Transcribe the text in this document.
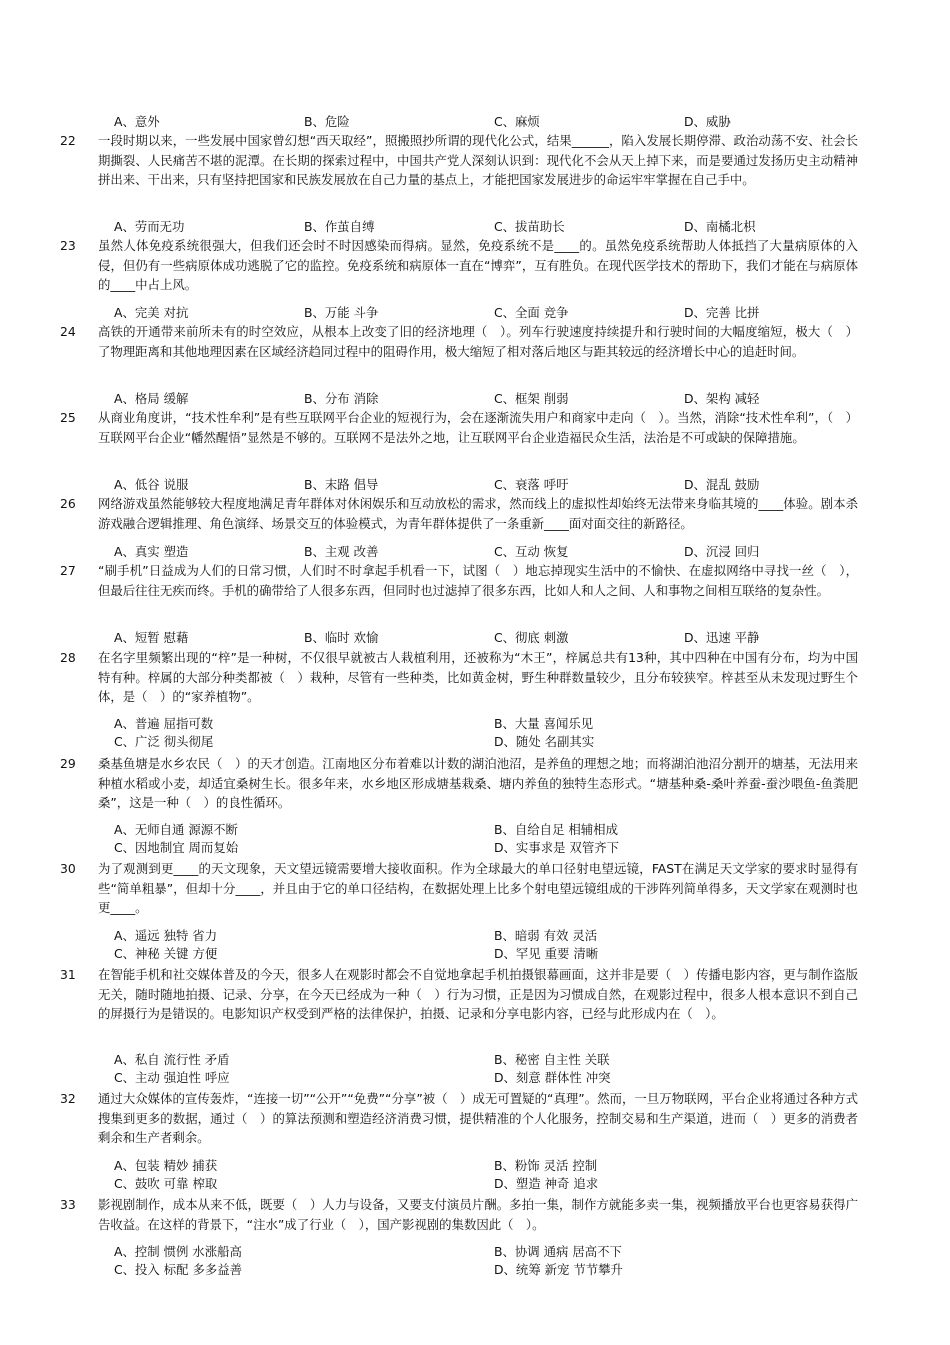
A、意外	B、危险	C、麻烦	D、威胁
22	一段时期以来，一些发展中国家曾幻想“西天取经”，照搬照抄所谓的现代化公式，结果______，陷入发展长期停滞、政治动荡不安、社会长期撕裂、人民痛苦不堪的泥潭。在长期的探索过程中，中国共产党人深刻认识到：现代化不会从天上掉下来，而是要通过发扬历史主动精神拼出来、干出来，只有坚持把国家和民族发展放在自己力量的基点上，才能把国家发展进步的命运牢牢掌握在自己手中。
A、劳而无功	B、作茧自缚	C、拔苗助长	D、南橘北枳
23	虽然人体免疫系统很强大，但我们还会时不时因感染而得病。显然，免疫系统不是____的。虽然免疫系统帮助人体抵挡了大量病原体的入侵，但仍有一些病原体成功逃脱了它的监控。免疫系统和病原体一直在“博弈”，互有胜负。在现代医学技术的帮助下，我们才能在与病原体的____中占上风。
A、完美 对抗	B、万能 斗争	C、全面 竞争	D、完善 比拼
24	高铁的开通带来前所未有的时空效应，从根本上改变了旧的经济地理（　）。列车行驶速度持续提升和行驶时间的大幅度缩短，极大（　）了物理距离和其他地理因素在区域经济趋同过程中的阻碍作用，极大缩短了相对落后地区与距其较远的经济增长中心的追赶时间。
A、格局 缓解	B、分布 消除	C、框架 削弱	D、架构 减轻
25	从商业角度讲，“技术性牟利”是有些互联网平台企业的短视行为，会在逐渐流失用户和商家中走向（　）。当然，消除“技术性牟利”，（　）互联网平台企业“幡然醒悟”显然是不够的。互联网不是法外之地，让互联网平台企业造福民众生活，法治是不可或缺的保障措施。
A、低谷 说服	B、末路 倡导	C、衰落 呼吁	D、混乱 鼓励
26	网络游戏虽然能够较大程度地满足青年群体对休闲娱乐和互动放松的需求，然而线上的虚拟性却始终无法带来身临其境的____体验。剧本杀游戏融合逻辑推理、角色演绎、场景交互的体验模式，为青年群体提供了一条重新____面对面交往的新路径。
A、真实 塑造	B、主观 改善	C、互动 恢复	D、沉浸 回归
27	“刷手机”日益成为人们的日常习惯，人们时不时拿起手机看一下，试图（　）地忘掉现实生活中的不愉快、在虚拟网络中寻找一丝（　），但最后往往无疾而终。手机的确带给了人很多东西，但同时也过滤掉了很多东西，比如人和人之间、人和事物之间相互联络的复杂性。
A、短暂 慰藉	B、临时 欢愉	C、彻底 刺激	D、迅速 平静
28	在名字里频繁出现的“梓”是一种树，不仅很早就被古人栽植利用，还被称为“木王”，梓属总共有13种，其中四种在中国有分布，均为中国特有种。梓属的大部分种类都被（　）栽种，尽管有一些种类，比如黄金树，野生种群数量较少，且分布较狭窄。梓甚至从未发现过野生个体，是（　）的“家养植物”。
A、普遍 屈指可数	B、大量 喜闻乐见
C、广泛 彻头彻尾	D、随处 名副其实
29	桑基鱼塘是水乡农民（　）的天才创造。江南地区分布着难以计数的湖泊池沼，是养鱼的理想之地；而将湖泊池沼分割开的塘基，无法用来种植水稻或小麦，却适宜桑树生长。很多年来，水乡地区形成塘基栽桑、塘内养鱼的独特生态形式。“塘基种桑-桑叶养蚕-蚕沙喂鱼-鱼粪肥桑”，这是一种（　）的良性循环。
A、无师自通 源源不断	B、自给自足 相辅相成
C、因地制宜 周而复始	D、实事求是 双管齐下
30	为了观测到更____的天文现象，天文望远镜需要增大接收面积。作为全球最大的单口径射电望远镜，FAST在满足天文学家的要求时显得有些“简单粗暴”，但却十分____，并且由于它的单口径结构，在数据处理上比多个射电望远镜组成的干涉阵列简单得多，天文学家在观测时也更____。
A、遥远 独特 省力	B、暗弱 有效 灵活
C、神秘 关键 方便	D、罕见 重要 清晰
31	在智能手机和社交媒体普及的今天，很多人在观影时都会不自觉地拿起手机拍摄银幕画面，这并非是要（　）传播电影内容，更与制作盗版无关，随时随地拍摄、记录、分享，在今天已经成为一种（　）行为习惯，正是因为习惯成自然，在观影过程中，很多人根本意识不到自己的屏摄行为是错误的。电影知识产权受到严格的法律保护，拍摄、记录和分享电影内容，已经与此形成内在（　）。
A、私自 流行性 矛盾	B、秘密 自主性 关联
C、主动 强迫性 呼应	D、刻意 群体性 冲突
32	通过大众媒体的宣传轰炸，“连接一切”“公开”“免费”“分享”被（　）成无可置疑的“真理”。然而，一旦万物联网，平台企业将通过各种方式搜集到更多的数据，通过（　）的算法预测和塑造经济消费习惯，提供精准的个人化服务，控制交易和生产渠道，进而（　）更多的消费者剩余和生产者剩余。
A、包装 精妙 捕获	B、粉饰 灵活 控制
C、鼓吹 可靠 榨取	D、塑造 神奇 追求
33	影视剧制作，成本从来不低，既要（　）人力与设备，又要支付演员片酬。多拍一集，制作方就能多卖一集，视频播放平台也更容易获得广告收益。在这样的背景下，“注水”成了行业（　），国产影视剧的集数因此（　）。
A、控制 惯例 水涨船高	B、协调 通病 居高不下
C、投入 标配 多多益善	D、统筹 新宠 节节攀升
